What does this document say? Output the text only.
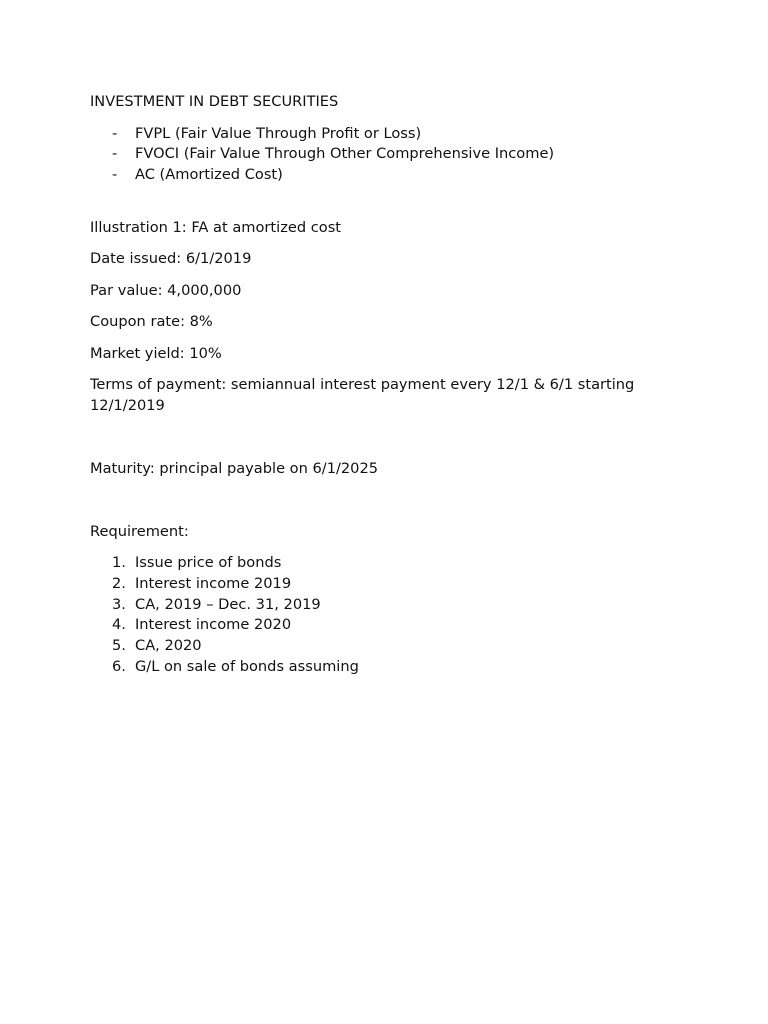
INVESTMENT IN DEBT SECURITIES

- FVPL (Fair Value Through Profit or Loss)
- FVOCI (Fair Value Through Other Comprehensive Income)
- AC (Amortized Cost)

Illustration 1: FA at amortized cost

Date issued: 6/1/2019

Par value: 4,000,000

Coupon rate: 8%

Market yield: 10%

Terms of payment: semiannual interest payment every 12/1 & 6/1 starting 12/1/2019

Maturity: principal payable on 6/1/2025

Requirement:

1. Issue price of bonds
2. Interest income 2019
3. CA, 2019 – Dec. 31, 2019
4. Interest income 2020
5. CA, 2020
6. G/L on sale of bonds assuming
